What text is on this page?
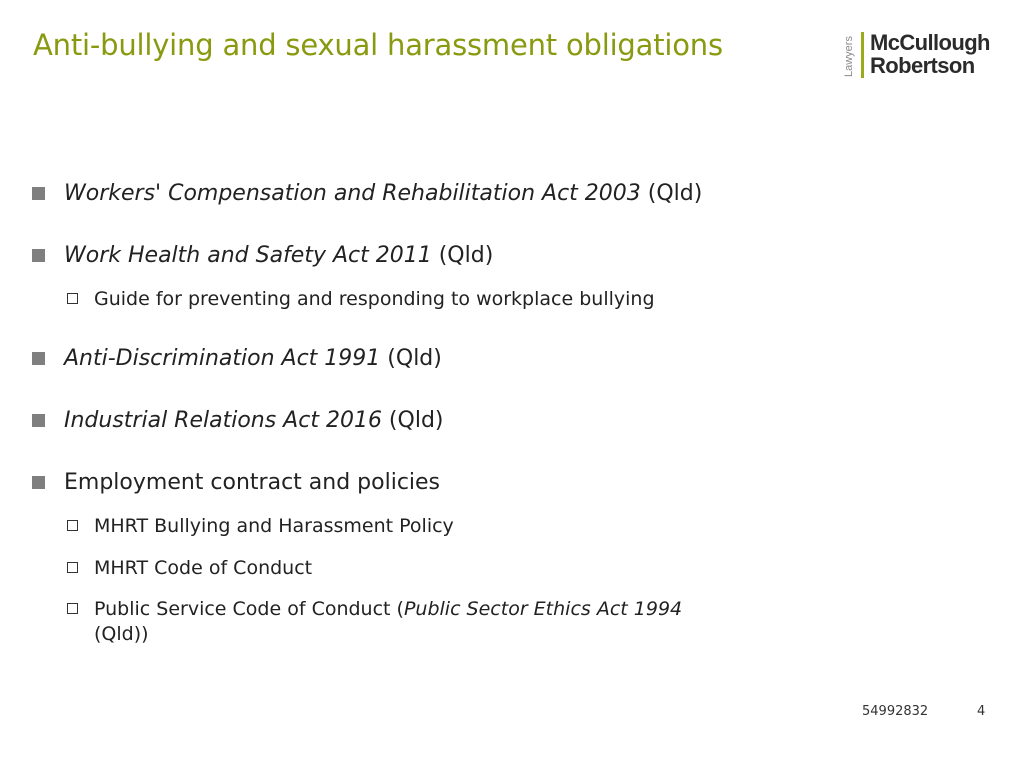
Anti-bullying and sexual harassment obligations	Lawyers McCullough
Robertson
Workers' Compensation and Rehabilitation Act 2003 (Qld)
Work Health and Safety Act 2011 (Qld)
Guide for preventing and responding to workplace bullying
Anti-Discrimination Act 1991 (Qld)
Industrial Relations Act 2016 (Qld)
Employment contract and policies
MHRT Bullying and Harassment Policy
MHRT Code of Conduct
Public Service Code of Conduct (Public Sector Ethics Act 1994
(Qld))
54992832	4
